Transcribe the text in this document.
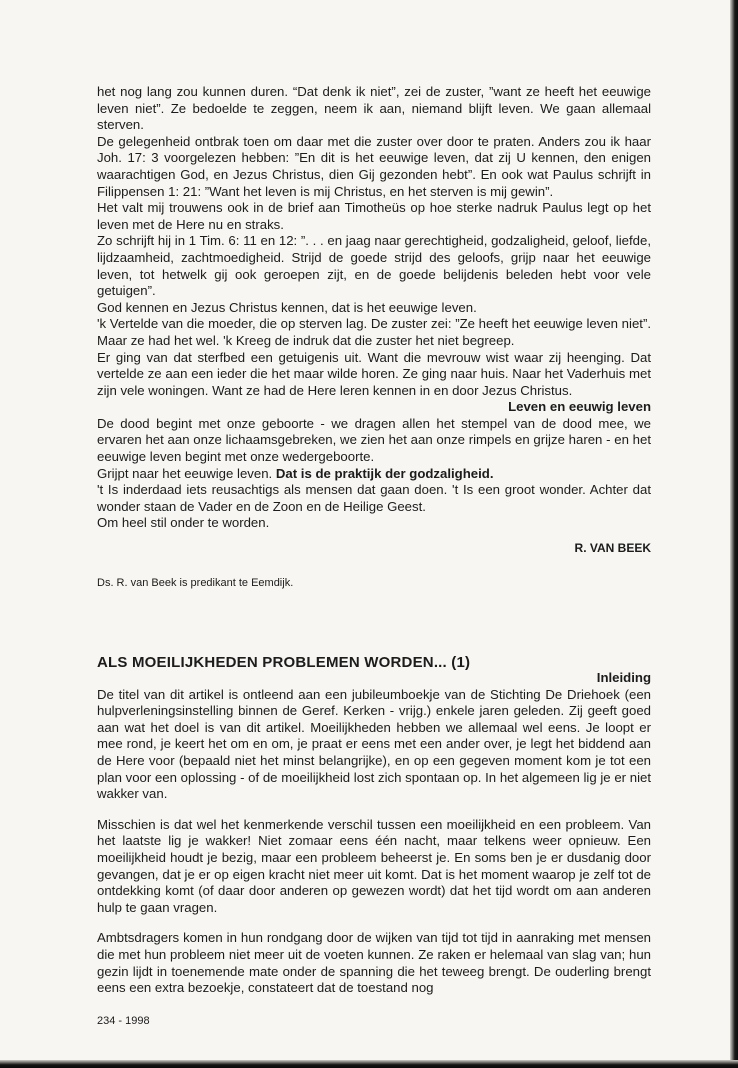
het nog lang zou kunnen duren. “Dat denk ik niet”, zei de zuster, ”want ze heeft het eeuwige leven niet”. Ze bedoelde te zeggen, neem ik aan, niemand blijft leven. We gaan allemaal sterven.

De gelegenheid ontbrak toen om daar met die zuster over door te praten. Anders zou ik haar Joh. 17: 3 voorgelezen hebben: ”En dit is het eeuwige leven, dat zij U kennen, den enigen waarachtigen God, en Jezus Christus, dien Gij gezonden hebt”. En ook wat Paulus schrijft in Filippensen 1: 21: ”Want het leven is mij Christus, en het sterven is mij gewin”.

Het valt mij trouwens ook in de brief aan Timotheüs op hoe sterke nadruk Paulus legt op het leven met de Here nu en straks.

Zo schrijft hij in 1 Tim. 6: 11 en 12: ”. . . en jaag naar gerechtigheid, godzaligheid, geloof, liefde, lijdzaamheid, zachtmoedigheid. Strijd de goede strijd des geloofs, grijp naar het eeuwige leven, tot hetwelk gij ook geroepen zijt, en de goede belijdenis beleden hebt voor vele getuigen”.

God kennen en Jezus Christus kennen, dat is het eeuwige leven.

'k Vertelde van die moeder, die op sterven lag. De zuster zei: ”Ze heeft het eeuwige leven niet”. Maar ze had het wel. 'k Kreeg de indruk dat die zuster het niet begreep.

Er ging van dat sterfbed een getuigenis uit. Want die mevrouw wist waar zij heenging. Dat vertelde ze aan een ieder die het maar wilde horen. Ze ging naar huis. Naar het Vaderhuis met zijn vele woningen. Want ze had de Here leren kennen in en door Jezus Christus.

Leven en eeuwig leven

De dood begint met onze geboorte - we dragen allen het stempel van de dood mee, we ervaren het aan onze lichaamsgebreken, we zien het aan onze rimpels en grijze haren - en het eeuwige leven begint met onze wedergeboorte.

Grijpt naar het eeuwige leven. Dat is de praktijk der godzaligheid.

't Is inderdaad iets reusachtigs als mensen dat gaan doen. 't Is een groot wonder. Achter dat wonder staan de Vader en de Zoon en de Heilige Geest.

Om heel stil onder te worden.

R. VAN BEEK
Ds. R. van Beek is predikant te Eemdijk.
ALS MOEILIJKHEDEN PROBLEMEN WORDEN... (1)

Inleiding

De titel van dit artikel is ontleend aan een jubileumboekje van de Stichting De Driehoek (een hulpverleningsinstelling binnen de Geref. Kerken - vrijg.) enkele jaren geleden. Zij geeft goed aan wat het doel is van dit artikel. Moeilijkheden hebben we allemaal wel eens. Je loopt er mee rond, je keert het om en om, je praat er eens met een ander over, je legt het biddend aan de Here voor (bepaald niet het minst belangrijke), en op een gegeven moment kom je tot een plan voor een oplossing - of de moeilijkheid lost zich spontaan op. In het algemeen lig je er niet wakker van.

Misschien is dat wel het kenmerkende verschil tussen een moeilijkheid en een probleem. Van het laatste lig je wakker! Niet zomaar eens één nacht, maar telkens weer opnieuw. Een moeilijkheid houdt je bezig, maar een probleem beheerst je. En soms ben je er dusdanig door gevangen, dat je er op eigen kracht niet meer uit komt. Dat is het moment waarop je zelf tot de ontdekking komt (of daar door anderen op gewezen wordt) dat het tijd wordt om aan anderen hulp te gaan vragen.

Ambtsdragers komen in hun rondgang door de wijken van tijd tot tijd in aanraking met mensen die met hun probleem niet meer uit de voeten kunnen. Ze raken er helemaal van slag van; hun gezin lijdt in toenemende mate onder de spanning die het teweeg brengt. De ouderling brengt eens een extra bezoekje, constateert dat de toestand nog

234 - 1998
